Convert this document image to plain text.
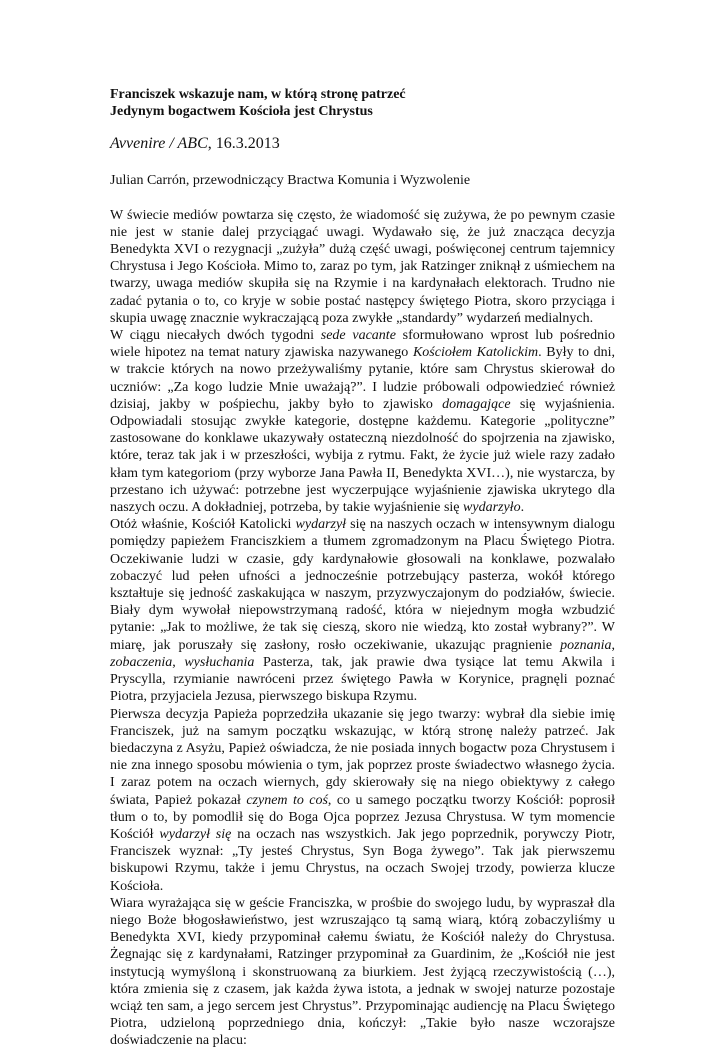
Franciszek wskazuje nam, w którą stronę patrzeć
Jedynym bogactwem Kościoła jest Chrystus

Avvenire / ABC, 16.3.2013

Julian Carrón, przewodniczący Bractwa Komunia i Wyzwolenie

W świecie mediów powtarza się często, że wiadomość się zużywa, że po pewnym czasie nie jest w stanie dalej przyciągać uwagi. Wydawało się, że już znacząca decyzja Benedykta XVI o rezygnacji „zużyła” dużą część uwagi, poświęconej centrum tajemnicy Chrystusa i Jego Kościoła. Mimo to, zaraz po tym, jak Ratzinger zniknął z uśmiechem na twarzy, uwaga mediów skupiła się na Rzymie i na kardynałach elektorach. Trudno nie zadać pytania o to, co kryje w sobie postać następcy świętego Piotra, skoro przyciąga i skupia uwagę znacznie wykraczającą poza zwykłe „standardy” wydarzeń medialnych.

W ciągu niecałych dwóch tygodni sede vacante sformułowano wprost lub pośrednio wiele hipotez na temat natury zjawiska nazywanego Kościołem Katolickim. Były to dni, w trakcie których na nowo przeżywaliśmy pytanie, które sam Chrystus skierował do uczniów: „Za kogo ludzie Mnie uważają?”. I ludzie próbowali odpowiedzieć również dzisiaj, jakby w pośpiechu, jakby było to zjawisko domagające się wyjaśnienia. Odpowiadali stosując zwykłe kategorie, dostępne każdemu. Kategorie „polityczne” zastosowane do konklawe ukazywały ostateczną niezdolność do spojrzenia na zjawisko, które, teraz tak jak i w przeszłości, wybija z rytmu. Fakt, że życie już wiele razy zadało kłam tym kategoriom (przy wyborze Jana Pawła II, Benedykta XVI…), nie wystarcza, by przestano ich używać: potrzebne jest wyczerpujące wyjaśnienie zjawiska ukrytego dla naszych oczu. A dokładniej, potrzeba, by takie wyjaśnienie się wydarzyło.

Otóż właśnie, Kościół Katolicki wydarzył się na naszych oczach w intensywnym dialogu pomiędzy papieżem Franciszkiem a tłumem zgromadzonym na Placu Świętego Piotra. Oczekiwanie ludzi w czasie, gdy kardynałowie głosowali na konklawe, pozwalało zobaczyć lud pełen ufności a jednocześnie potrzebujący pasterza, wokół którego kształtuje się jedność zaskakująca w naszym, przyzwyczajonym do podziałów, świecie. Biały dym wywołał niepowstrzymaną radość, która w niejednym mogła wzbudzić pytanie: „Jak to możliwe, że tak się cieszą, skoro nie wiedzą, kto został wybrany?”. W miarę, jak poruszały się zasłony, rosło oczekiwanie, ukazując pragnienie poznania, zobaczenia, wysłuchania Pasterza, tak, jak prawie dwa tysiące lat temu Akwila i Pryscylla, rzymianie nawróceni przez świętego Pawła w Korynice, pragnęli poznać Piotra, przyjaciela Jezusa, pierwszego biskupa Rzymu.

Pierwsza decyzja Papieża poprzedziła ukazanie się jego twarzy: wybrał dla siebie imię Franciszek, już na samym początku wskazując, w którą stronę należy patrzeć. Jak biedaczyna z Asyżu, Papież oświadcza, że nie posiada innych bogactw poza Chrystusem i nie zna innego sposobu mówienia o tym, jak poprzez proste świadectwo własnego życia. I zaraz potem na oczach wiernych, gdy skierowały się na niego obiektywy z całego świata, Papież pokazał czynem to coś, co u samego początku tworzy Kościół: poprosił tłum o to, by pomodlił się do Boga Ojca poprzez Jezusa Chrystusa. W tym momencie Kościół wydarzył się na oczach nas wszystkich. Jak jego poprzednik, porywczy Piotr, Franciszek wyznał: „Ty jesteś Chrystus, Syn Boga żywego”. Tak jak pierwszemu biskupowi Rzymu, także i jemu Chrystus, na oczach Swojej trzody, powierza klucze Kościoła.

Wiara wyrażająca się w geście Franciszka, w prośbie do swojego ludu, by wypraszał dla niego Boże błogosławieństwo, jest wzruszająco tą samą wiarą, którą zobaczyliśmy u Benedykta XVI, kiedy przypominał całemu światu, że Kościół należy do Chrystusa. Żegnając się z kardynałami, Ratzinger przypominał za Guardinim, że „Kościół nie jest instytucją wymyśloną i skonstruowaną za biurkiem. Jest żyjącą rzeczywistością (…), która zmienia się z czasem, jak każda żywa istota, a jednak w swojej naturze pozostaje wciąż ten sam, a jego sercem jest Chrystus”. Przypominając audiencję na Placu Świętego Piotra, udzieloną poprzedniego dnia, kończył: „Takie było nasze wczorajsze doświadczenie na placu:
